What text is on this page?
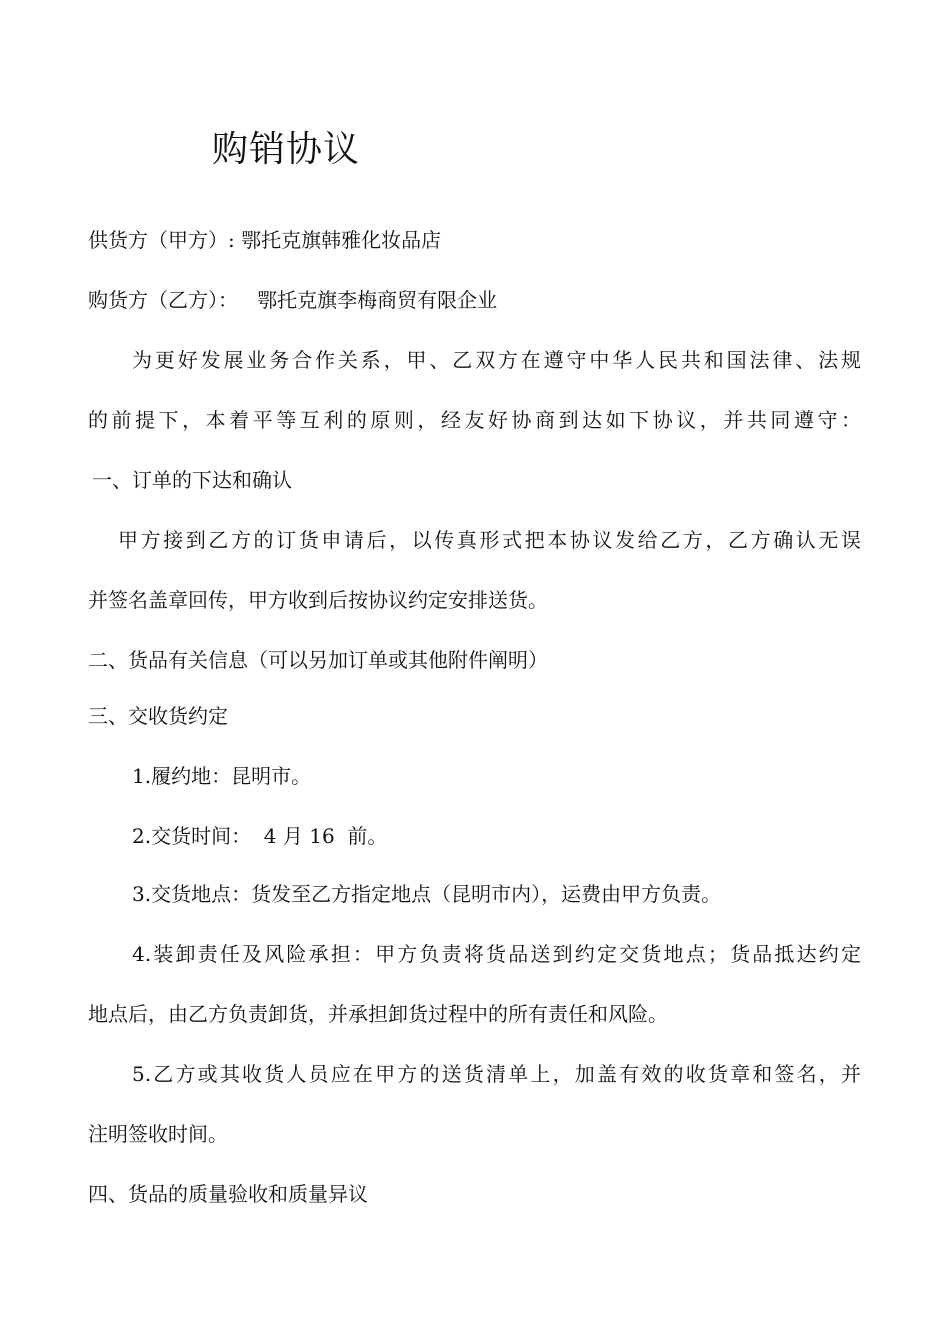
购销协议
供货方（甲方）: 鄂托克旗韩雅化妆品店
购货方（乙方）：   鄂托克旗李梅商贸有限企业
为更好发展业务合作关系，甲、乙双方在遵守中华人民共和国法律、法规
的前提下，本着平等互利的原则，经友好协商到达如下协议，并共同遵守：
一、订单的下达和确认
甲方接到乙方的订货申请后，以传真形式把本协议发给乙方，乙方确认无误
并签名盖章回传，甲方收到后按协议约定安排送货。
二、货品有关信息（可以另加订单或其他附件阐明）
三、交收货约定
1.履约地：昆明市。
2.交货时间：  4 月 16  前。
3.交货地点：货发至乙方指定地点（昆明市内），运费由甲方负责。
4.装卸责任及风险承担：甲方负责将货品送到约定交货地点；货品抵达约定
地点后，由乙方负责卸货，并承担卸货过程中的所有责任和风险。
5.乙方或其收货人员应在甲方的送货清单上，加盖有效的收货章和签名，并
注明签收时间。
四、货品的质量验收和质量异议
